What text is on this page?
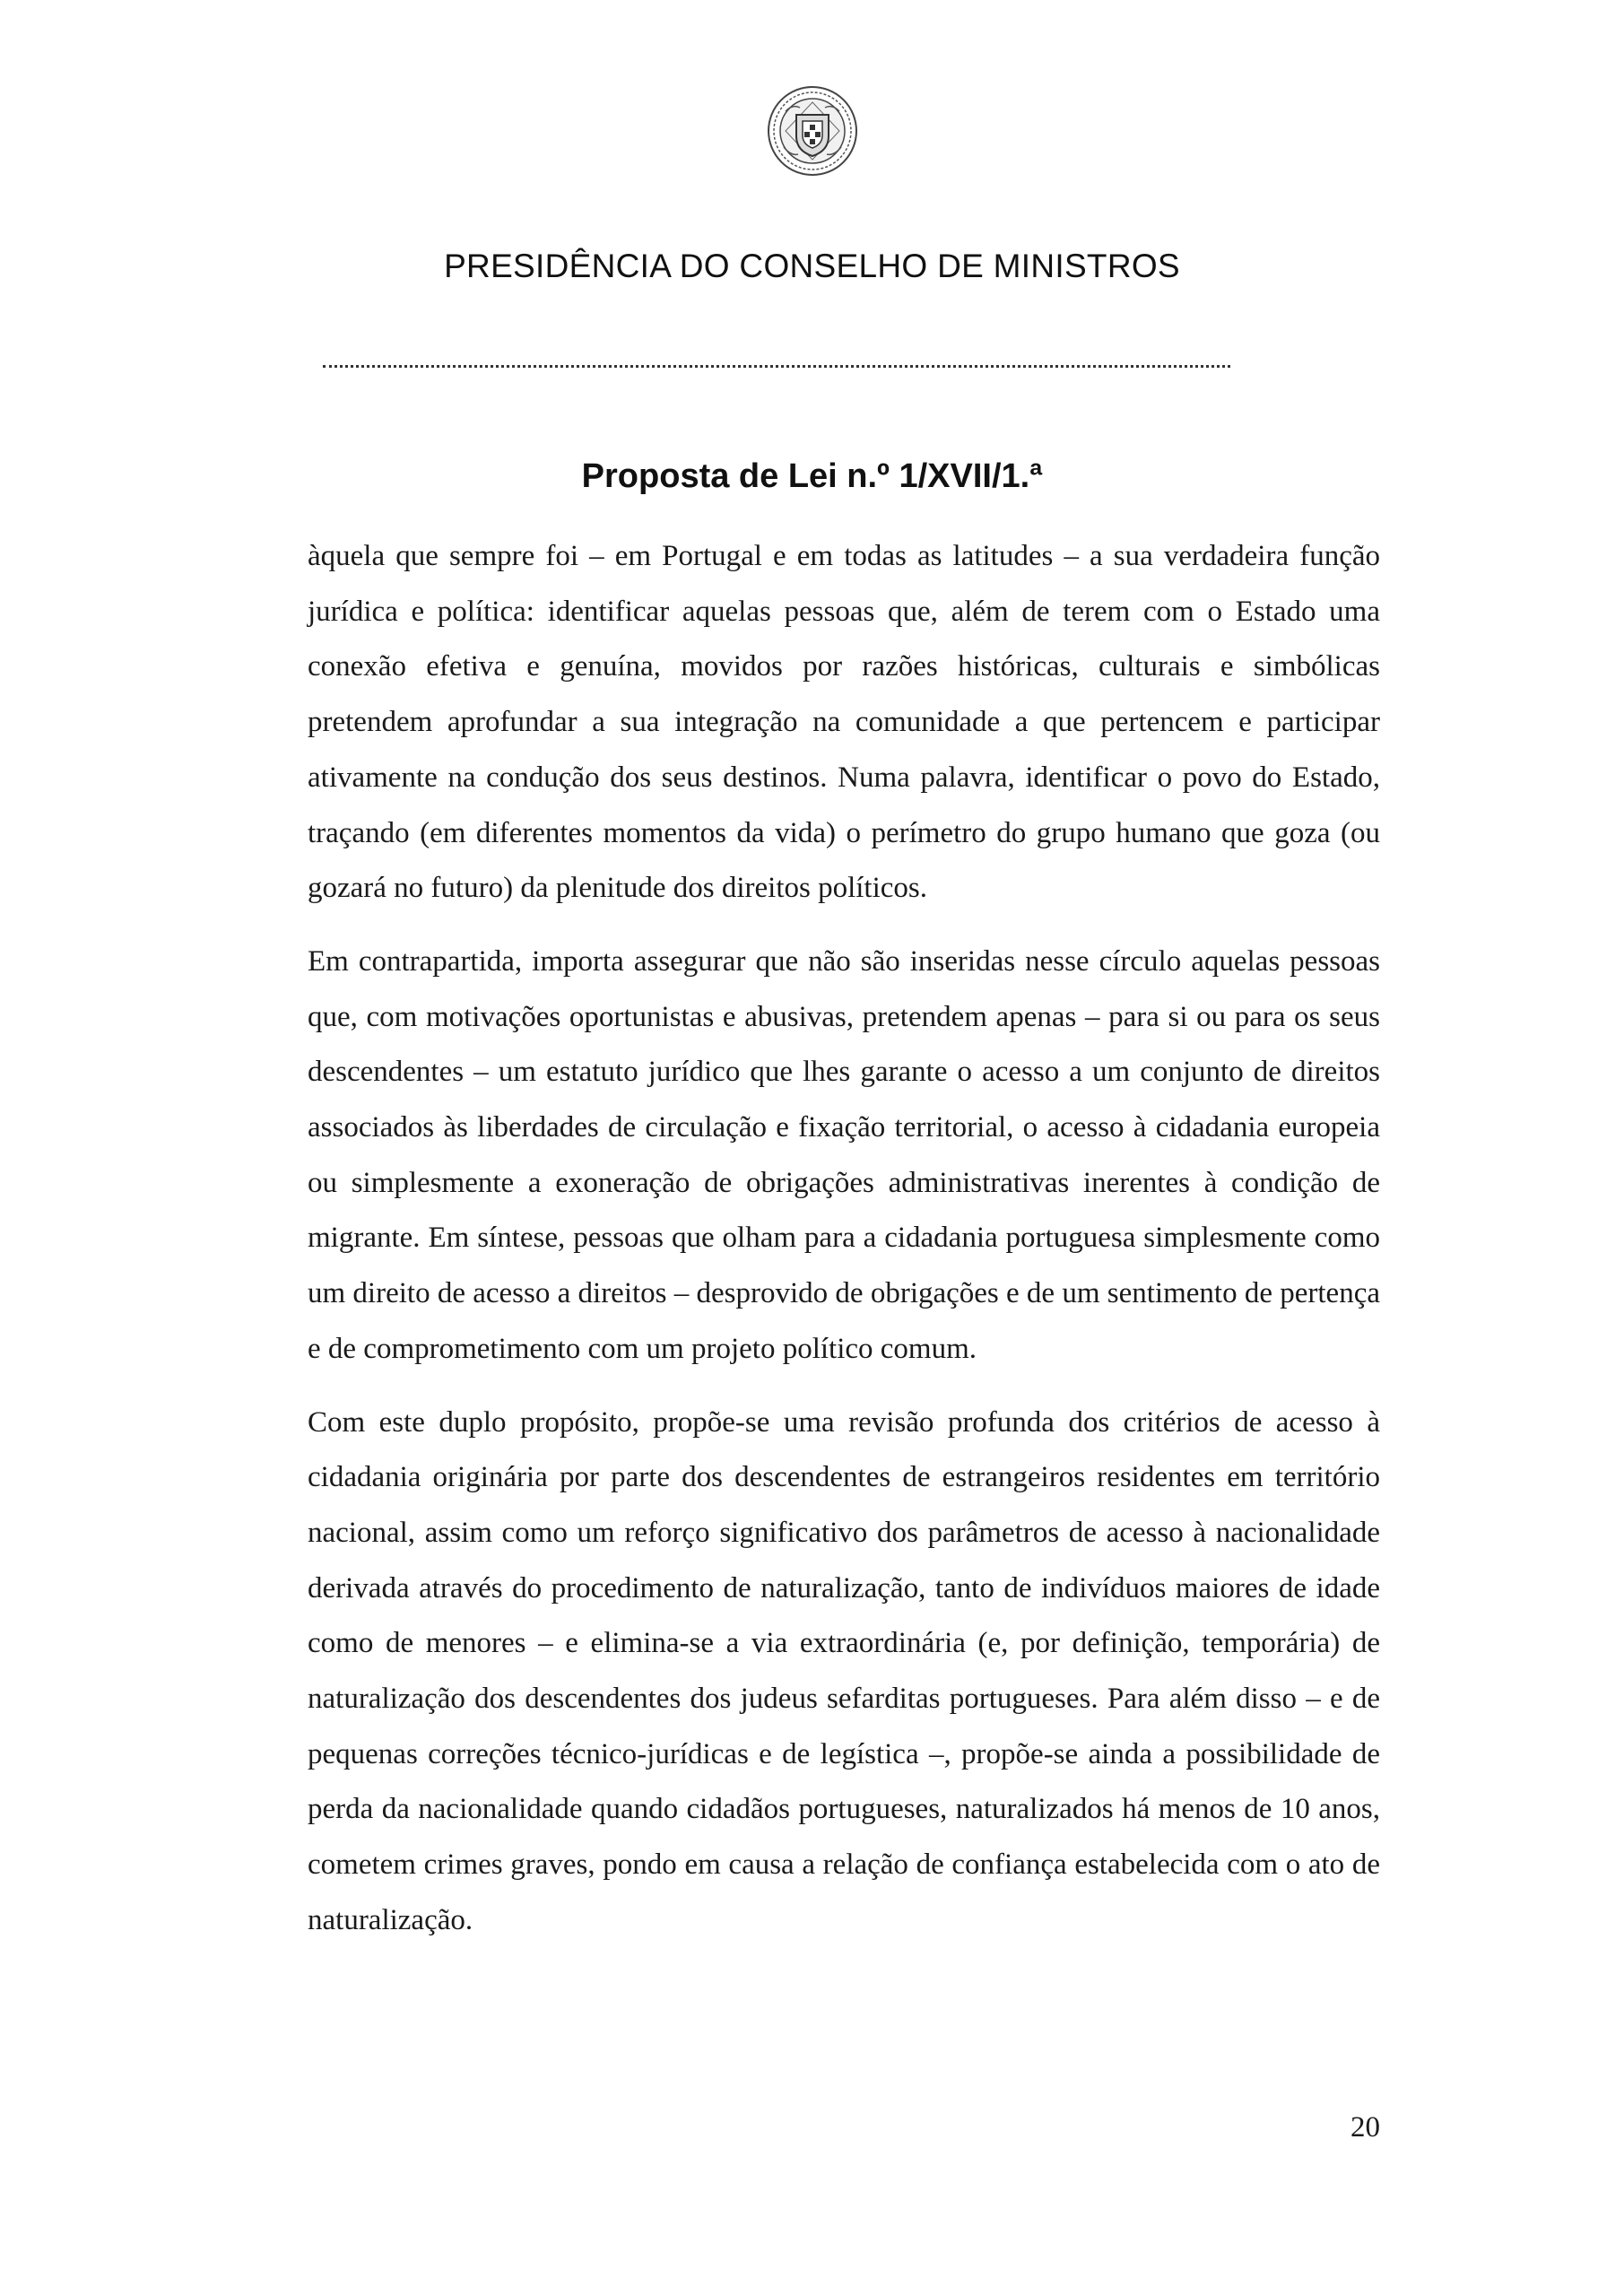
PRESIDÊNCIA DO CONSELHO DE MINISTROS
Proposta de Lei n.º 1/XVII/1.ª

àquela que sempre foi – em Portugal e em todas as latitudes – a sua verdadeira função jurídica e política: identificar aquelas pessoas que, além de terem com o Estado uma conexão efetiva e genuína, movidos por razões históricas, culturais e simbólicas pretendem aprofundar a sua integração na comunidade a que pertencem e participar ativamente na condução dos seus destinos. Numa palavra, identificar o povo do Estado, traçando (em diferentes momentos da vida) o perímetro do grupo humano que goza (ou gozará no futuro) da plenitude dos direitos políticos.

Em contrapartida, importa assegurar que não são inseridas nesse círculo aquelas pessoas que, com motivações oportunistas e abusivas, pretendem apenas – para si ou para os seus descendentes – um estatuto jurídico que lhes garante o acesso a um conjunto de direitos associados às liberdades de circulação e fixação territorial, o acesso à cidadania europeia ou simplesmente a exoneração de obrigações administrativas inerentes à condição de migrante. Em síntese, pessoas que olham para a cidadania portuguesa simplesmente como um direito de acesso a direitos – desprovido de obrigações e de um sentimento de pertença e de comprometimento com um projeto político comum.

Com este duplo propósito, propõe-se uma revisão profunda dos critérios de acesso à cidadania originária por parte dos descendentes de estrangeiros residentes em território nacional, assim como um reforço significativo dos parâmetros de acesso à nacionalidade derivada através do procedimento de naturalização, tanto de indivíduos maiores de idade como de menores – e elimina-se a via extraordinária (e, por definição, temporária) de naturalização dos descendentes dos judeus sefarditas portugueses. Para além disso – e de pequenas correções técnico-jurídicas e de legística –, propõe-se ainda a possibilidade de perda da nacionalidade quando cidadãos portugueses, naturalizados há menos de 10 anos, cometem crimes graves, pondo em causa a relação de confiança estabelecida com o ato de naturalização.

20
